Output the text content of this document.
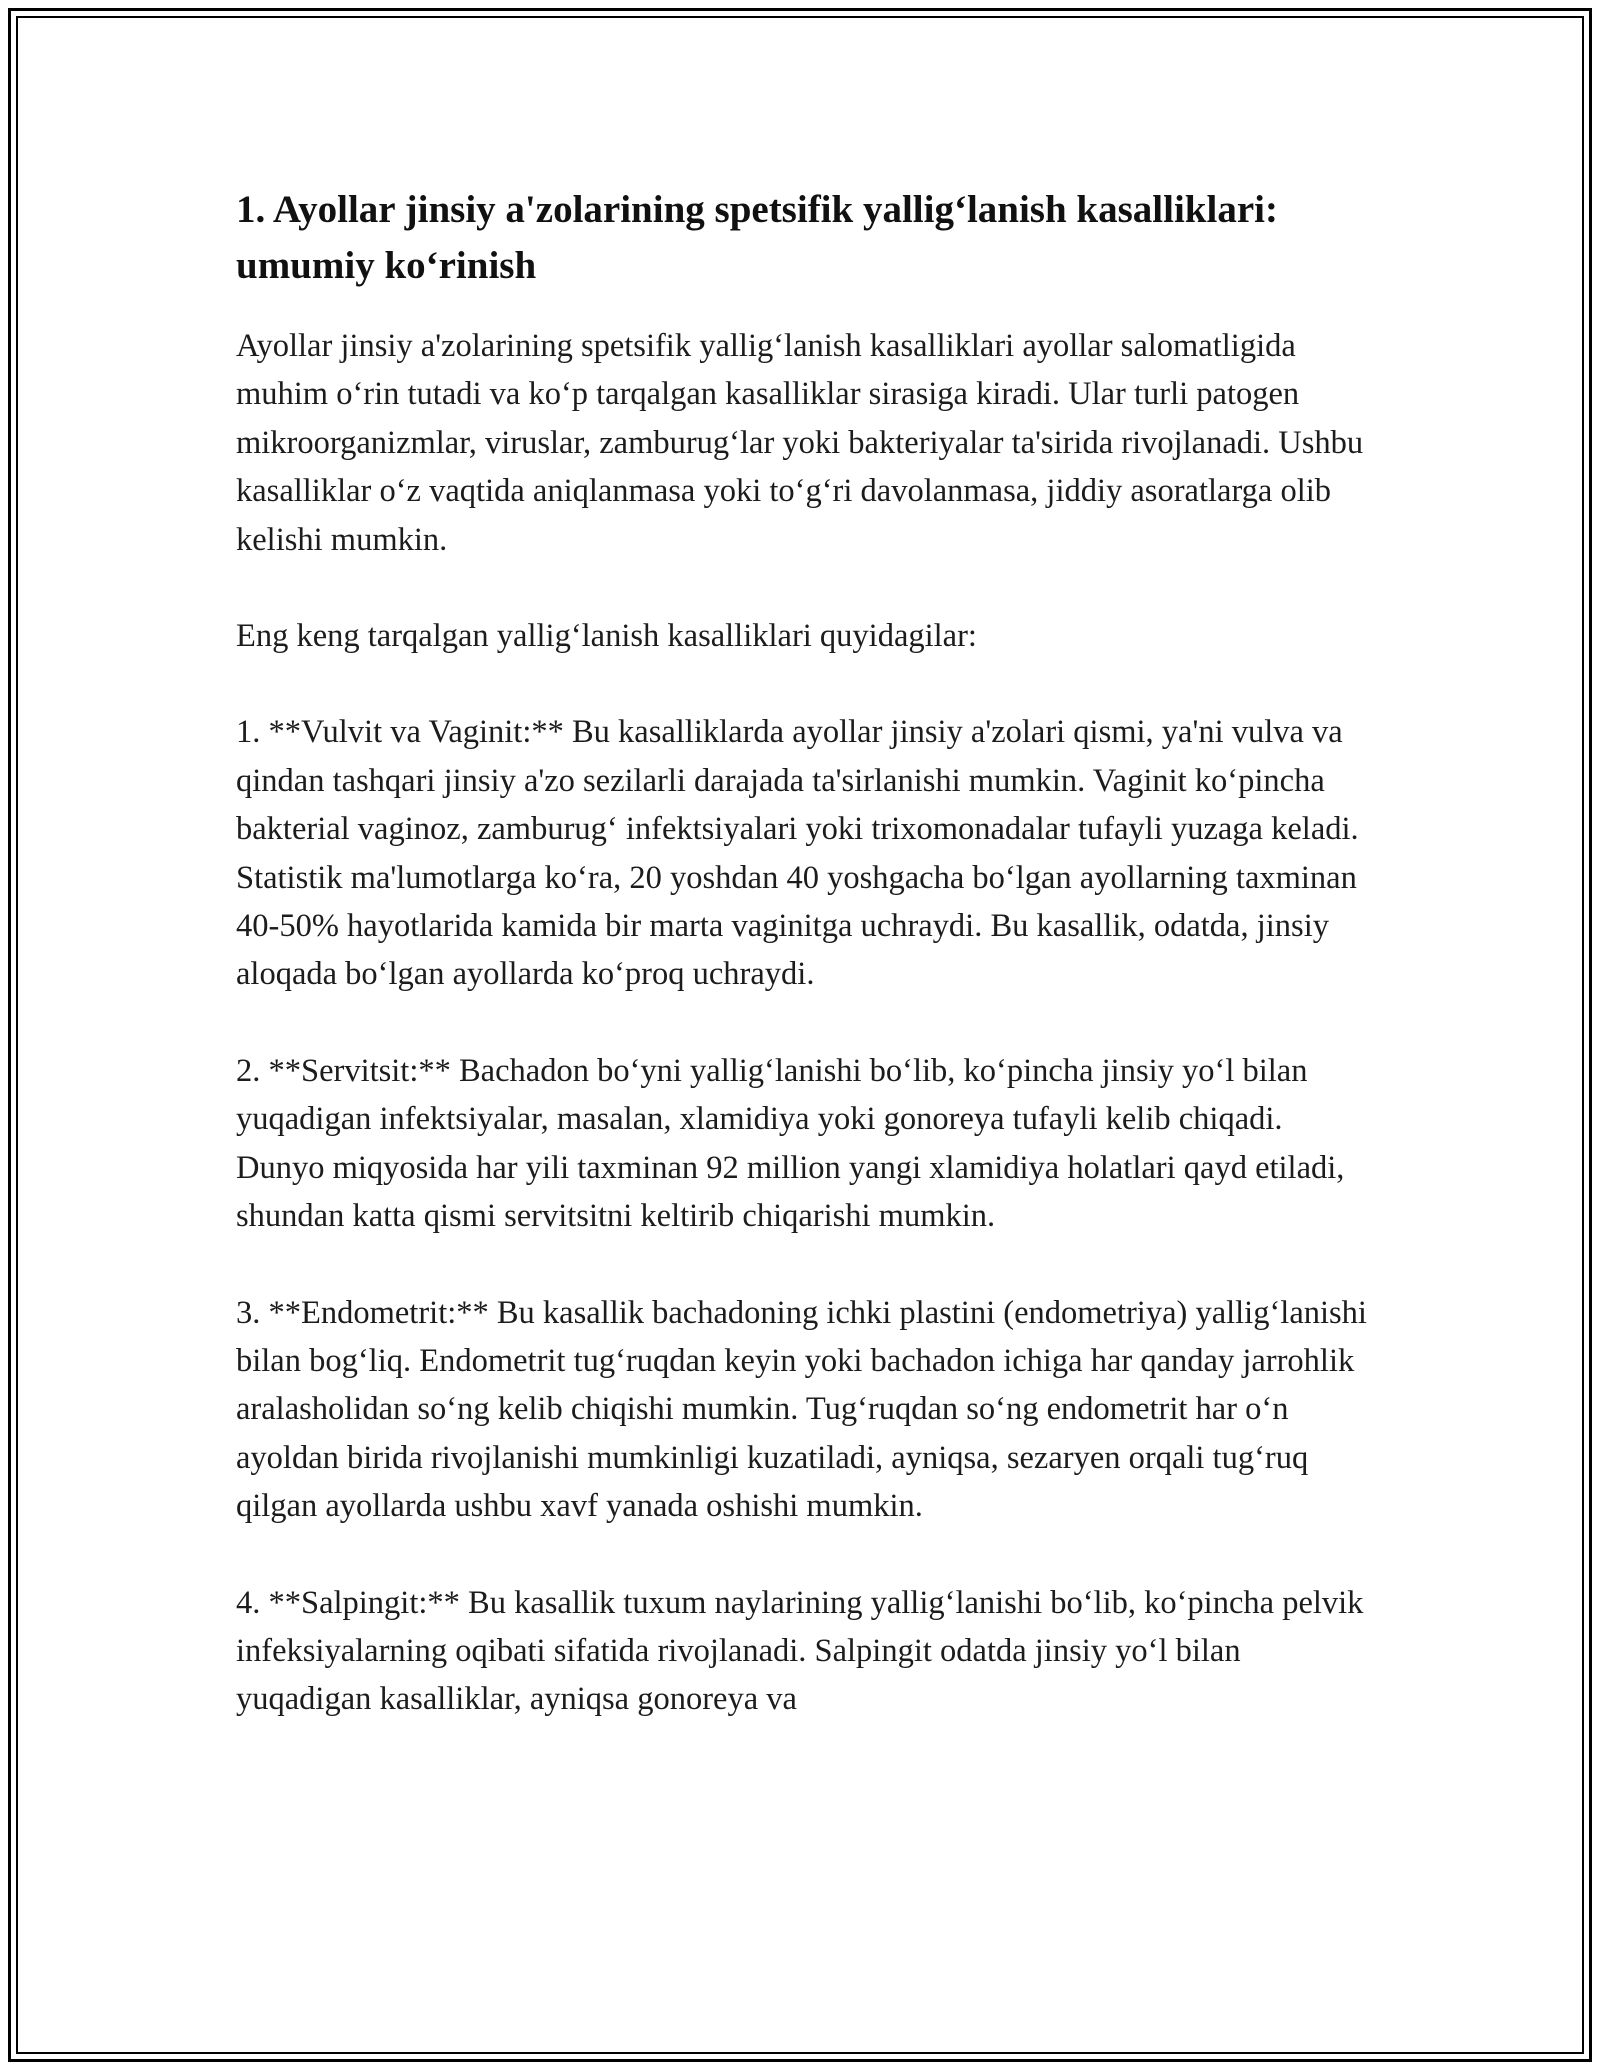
1. Ayollar jinsiy a'zolarining spetsifik yallig‘lanish kasalliklari: umumiy ko‘rinish

Ayollar jinsiy a'zolarining spetsifik yallig‘lanish kasalliklari ayollar salomatligida muhim o‘rin tutadi va ko‘p tarqalgan kasalliklar sirasiga kiradi. Ular turli patogen mikroorganizmlar, viruslar, zamburug‘lar yoki bakteriyalar ta'sirida rivojlanadi. Ushbu kasalliklar o‘z vaqtida aniqlanmasa yoki to‘g‘ri davolanmasa, jiddiy asoratlarga olib kelishi mumkin.

Eng keng tarqalgan yallig‘lanish kasalliklari quyidagilar:

1. **Vulvit va Vaginit:** Bu kasalliklarda ayollar jinsiy a'zolari qismi, ya'ni vulva va qindan tashqari jinsiy a'zo sezilarli darajada ta'sirlanishi mumkin. Vaginit ko‘pincha bakterial vaginoz, zamburug‘ infektsiyalari yoki trixomonadalar tufayli yuzaga keladi. Statistik ma'lumotlarga ko‘ra, 20 yoshdan 40 yoshgacha bo‘lgan ayollarning taxminan 40-50% hayotlarida kamida bir marta vaginitga uchraydi. Bu kasallik, odatda, jinsiy aloqada bo‘lgan ayollarda ko‘proq uchraydi.

2. **Servitsit:** Bachadon bo‘yni yallig‘lanishi bo‘lib, ko‘pincha jinsiy yo‘l bilan yuqadigan infektsiyalar, masalan, xlamidiya yoki gonoreya tufayli kelib chiqadi. Dunyo miqyosida har yili taxminan 92 million yangi xlamidiya holatlari qayd etiladi, shundan katta qismi servitsitni keltirib chiqarishi mumkin.

3. **Endometrit:** Bu kasallik bachadoning ichki plastini (endometriya) yallig‘lanishi bilan bog‘liq. Endometrit tug‘ruqdan keyin yoki bachadon ichiga har qanday jarrohlik aralasholidan so‘ng kelib chiqishi mumkin. Tug‘ruqdan so‘ng endometrit har o‘n ayoldan birida rivojlanishi mumkinligi kuzatiladi, ayniqsa, sezaryen orqali tug‘ruq qilgan ayollarda ushbu xavf yanada oshishi mumkin.

4. **Salpingit:** Bu kasallik tuxum naylarining yallig‘lanishi bo‘lib, ko‘pincha pelvik infeksiyalarning oqibati sifatida rivojlanadi. Salpingit odatda jinsiy yo‘l bilan yuqadigan kasalliklar, ayniqsa gonoreya va
